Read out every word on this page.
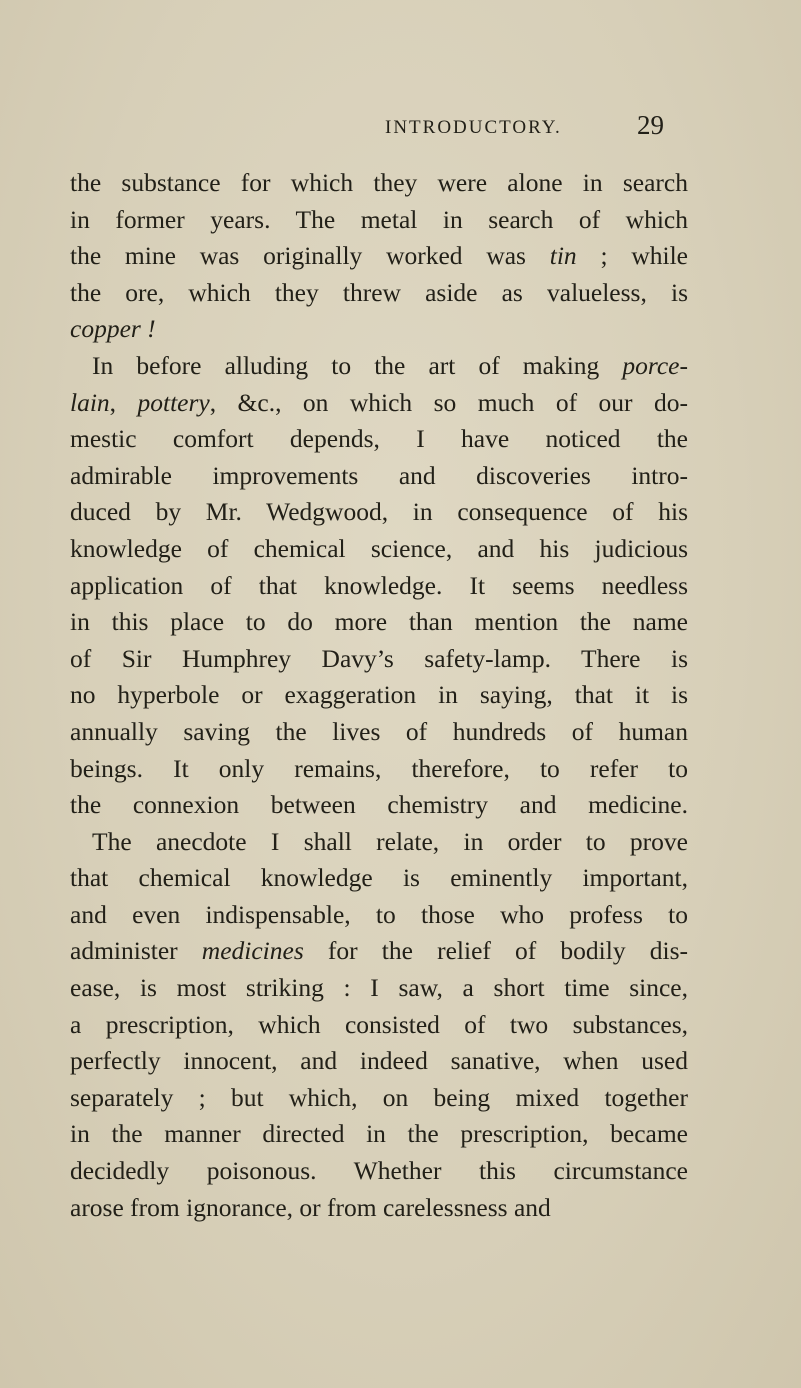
INTRODUCTORY.	29
the substance for which they were alone in search
in former years. The metal in search of which
the mine was originally worked was tin ; while
the ore, which they threw aside as valueless, is
copper !
In before alluding to the art of making porce-
lain, pottery, &c., on which so much of our do-
mestic comfort depends, I have noticed the
admirable improvements and discoveries intro-
duced by Mr. Wedgwood, in consequence of his
knowledge of chemical science, and his judicious
application of that knowledge. It seems needless
in this place to do more than mention the name
of Sir Humphrey Davy’s safety-lamp. There is
no hyperbole or exaggeration in saying, that it is
annually saving the lives of hundreds of human
beings. It only remains, therefore, to refer to
the connexion between chemistry and medicine.
The anecdote I shall relate, in order to prove
that chemical knowledge is eminently important,
and even indispensable, to those who profess to
administer medicines for the relief of bodily dis-
ease, is most striking : I saw, a short time since,
a prescription, which consisted of two substances,
perfectly innocent, and indeed sanative, when used
separately ; but which, on being mixed together
in the manner directed in the prescription, became
decidedly poisonous. Whether this circumstance
arose from ignorance, or from carelessness and
